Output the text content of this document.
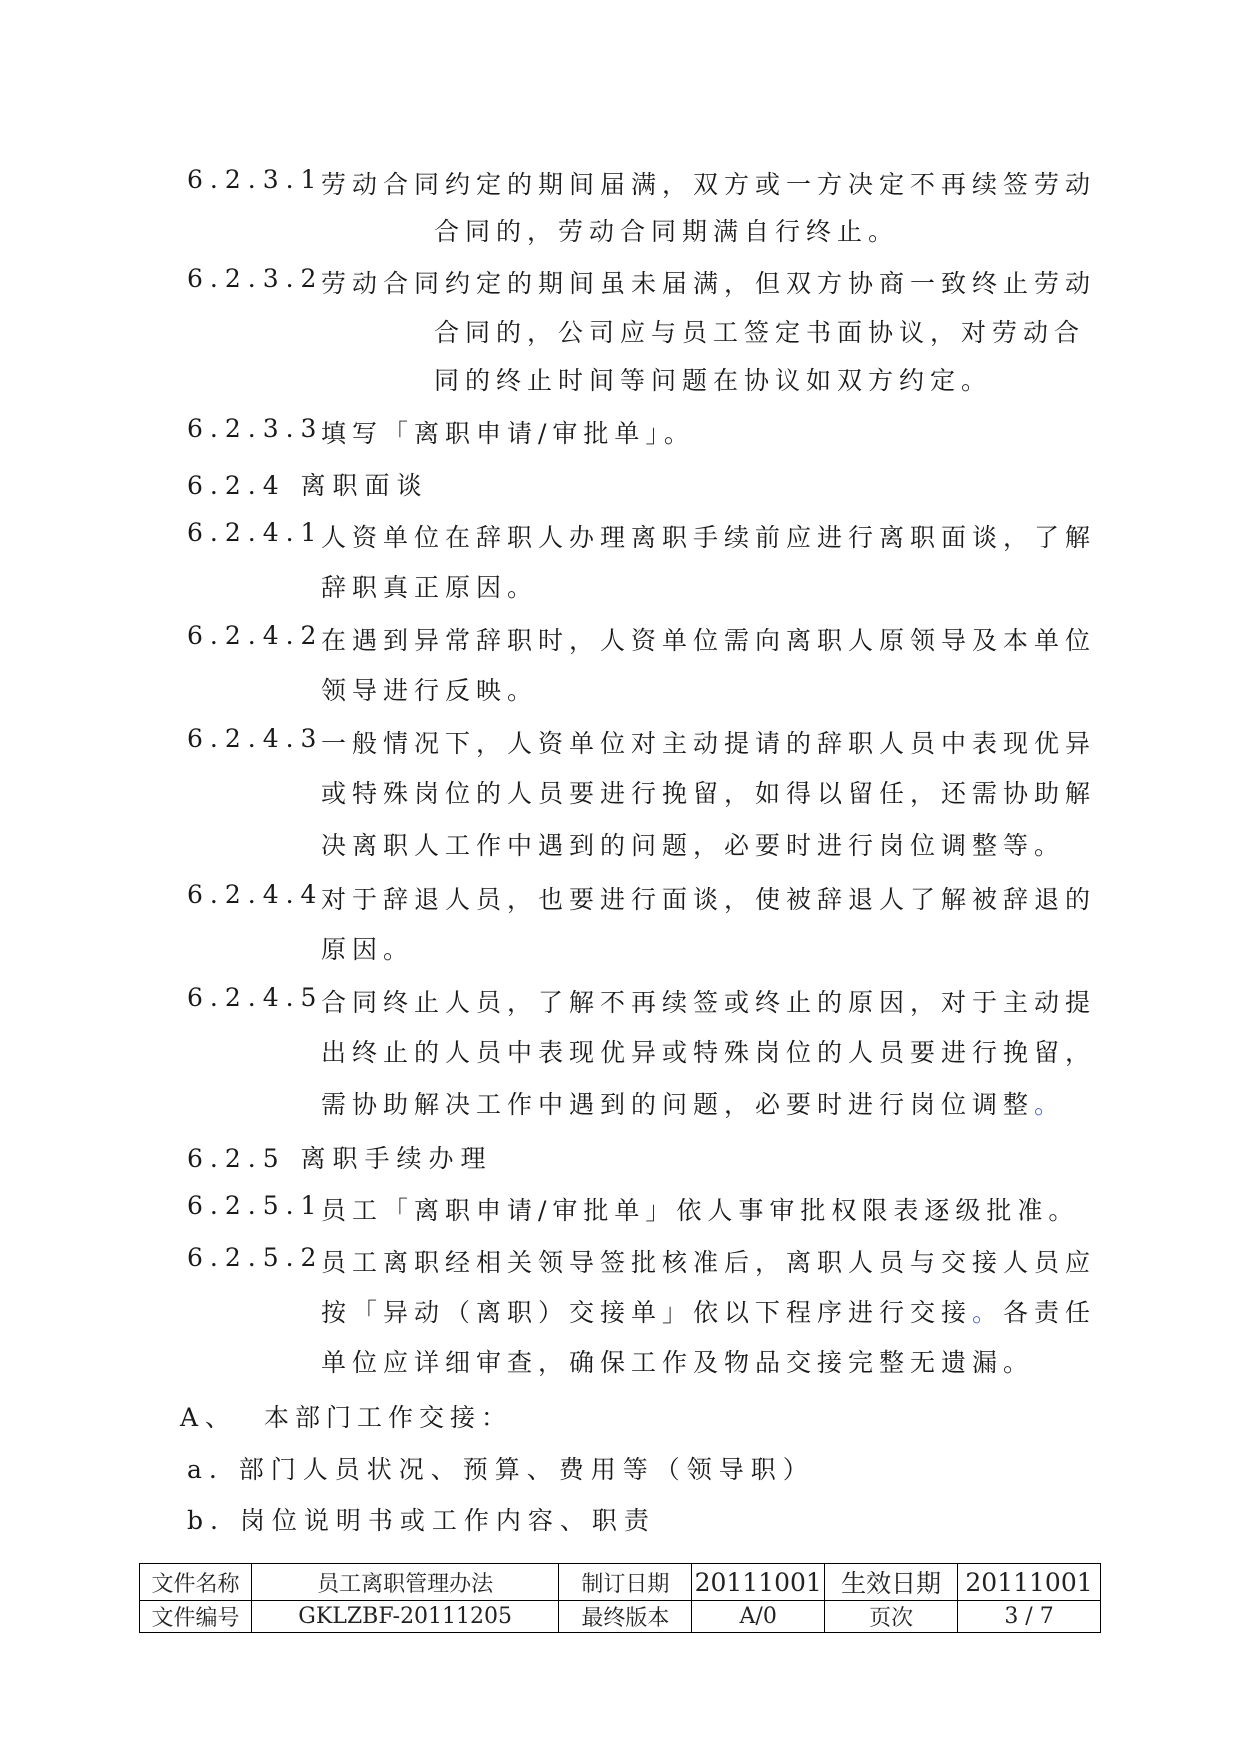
6.2.3.1
劳动合同约定的期间届满，双方或一方决定不再续签劳动
合同的，劳动合同期满自行终止。
6.2.3.2
劳动合同约定的期间虽未届满，但双方协商一致终止劳动
合同的，公司应与员工签定书面协议，对劳动合
同的终止时间等问题在协议如双方约定。
6.2.3.3
填写「离职申请/审批单」。
6.2.4 离职面谈
6.2.4.1
人资单位在辞职人办理离职手续前应进行离职面谈，了解
辞职真正原因。
6.2.4.2
在遇到异常辞职时，人资单位需向离职人原领导及本单位
领导进行反映。
6.2.4.3
一般情况下，人资单位对主动提请的辞职人员中表现优异
或特殊岗位的人员要进行挽留，如得以留任，还需协助解
决离职人工作中遇到的问题，必要时进行岗位调整等。
6.2.4.4
对于辞退人员，也要进行面谈，使被辞退人了解被辞退的
原因。
6.2.4.5
合同终止人员，了解不再续签或终止的原因，对于主动提
出终止的人员中表现优异或特殊岗位的人员要进行挽留，
需协助解决工作中遇到的问题，必要时进行岗位调整。
6.2.5 离职手续办理
6.2.5.1
员工「离职申请/审批单」依人事审批权限表逐级批准。
6.2.5.2
员工离职经相关领导签批核准后，离职人员与交接人员应
按「异动（离职）交接单」依以下程序进行交接。各责任
单位应详细审查，确保工作及物品交接完整无遗漏。
A、 本部门工作交接：
a. 部门人员状况、预算、费用等（领导职）
b. 岗位说明书或工作内容、职责
文件名称	员工离职管理办法	制订日期	20111001	生效日期	20111001
文件编号	GKLZBF-20111205	最终版本	A/0	页次	3 / 7
